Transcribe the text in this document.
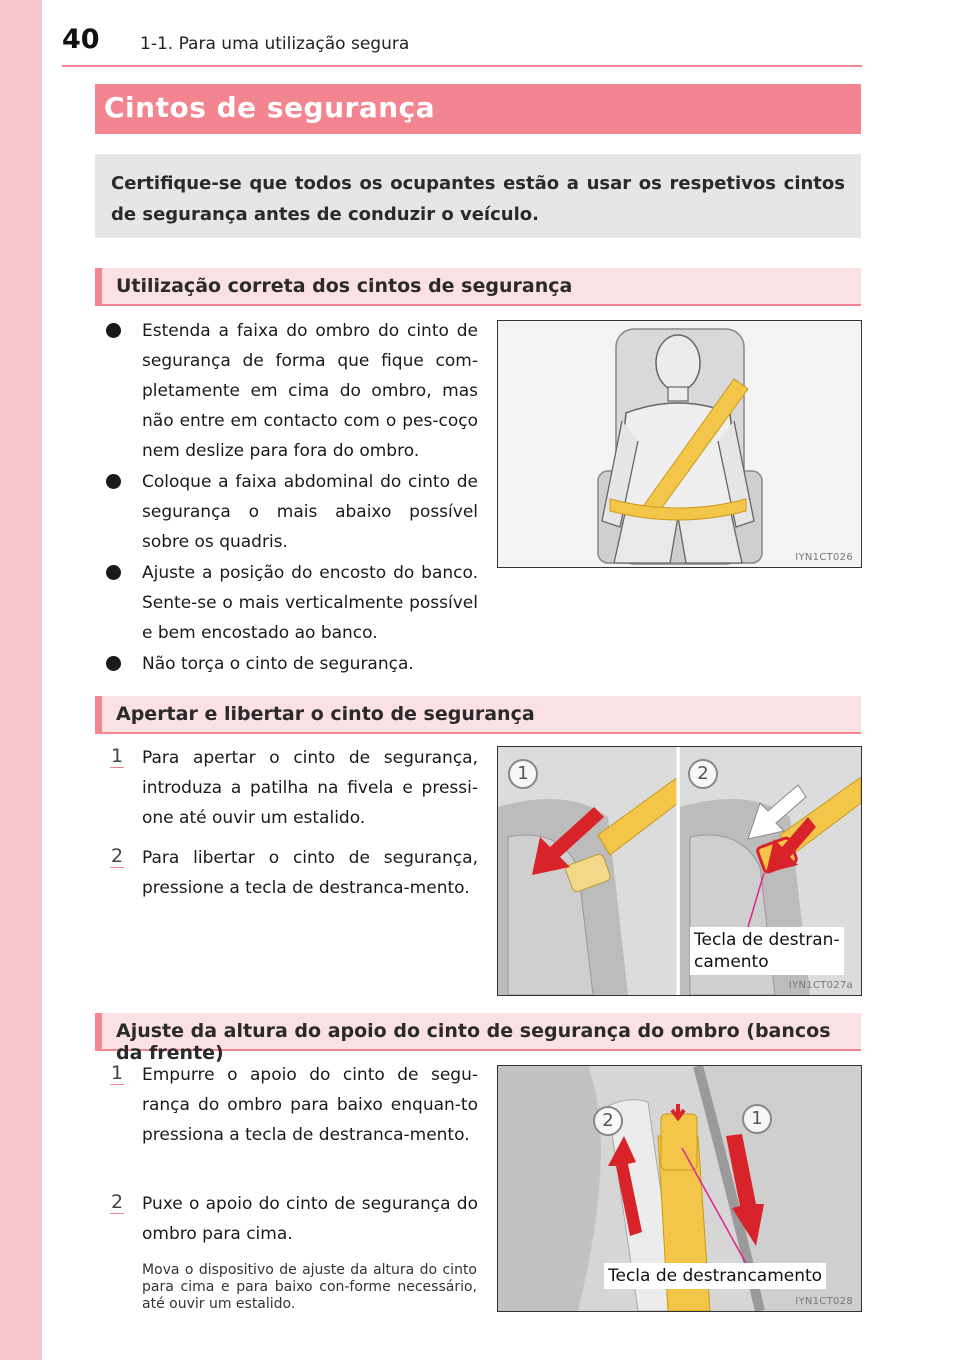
40 1-1. Para uma utilização segura
Cintos de segurança
Certifique-se que todos os ocupantes estão a usar os respetivos cintos de segurança antes de conduzir o veículo.
Utilização correta dos cintos de segurança
Estenda a faixa do ombro do cinto de segurança de forma que fique com-pletamente em cima do ombro, mas não entre em contacto com o pes-coço nem deslize para fora do ombro.
Coloque a faixa abdominal do cinto de segurança o mais abaixo possível sobre os quadris.
Ajuste a posição do encosto do banco. Sente-se o mais verticalmente possível e bem encostado ao banco.
Não torça o cinto de segurança.
IYN1CT026
Apertar e libertar o cinto de segurança
1 Para apertar o cinto de segurança, introduza a patilha na fivela e pressi-one até ouvir um estalido.
2 Para libertar o cinto de segurança, pressione a tecla de destranca-mento.
1	2
Tecla de destran-
camento
IYN1CT027a
Ajuste da altura do apoio do cinto de segurança do ombro (bancos da frente)
1 Empurre o apoio do cinto de segu-rança do ombro para baixo enquan-to pressiona a tecla de destranca-mento.
2 Puxe o apoio do cinto de segurança do ombro para cima.
Mova o dispositivo de ajuste da altura do cinto para cima e para baixo con-forme necessário, até ouvir um estalido.
2	1
Tecla de destrancamento
IYN1CT028
